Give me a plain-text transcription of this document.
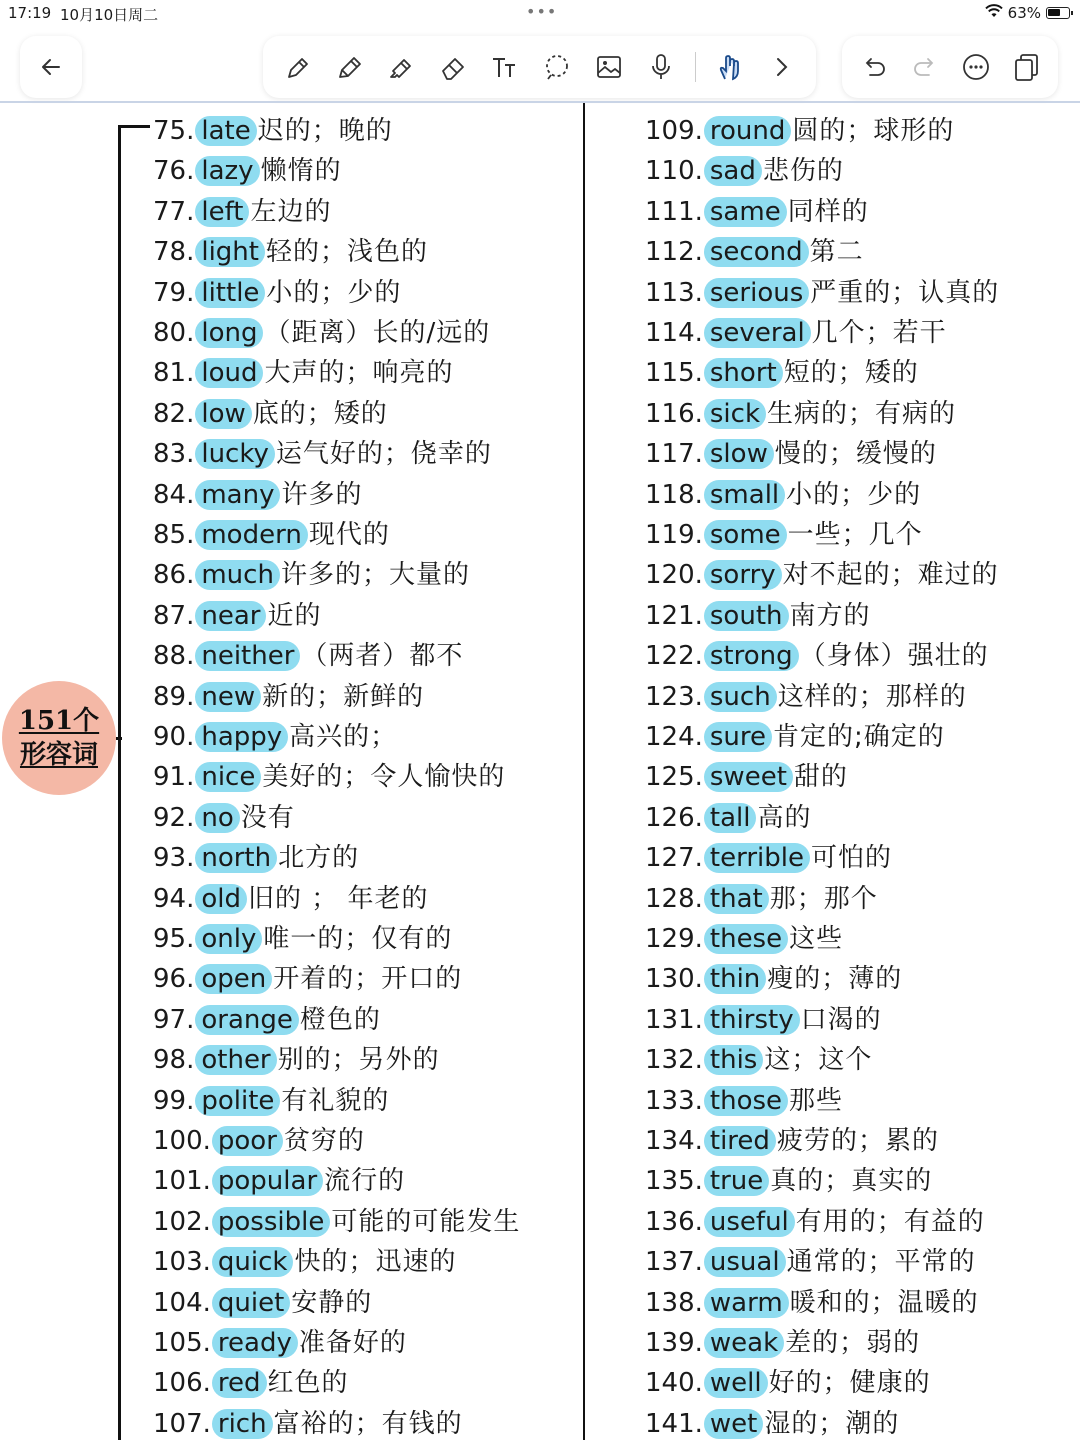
17:19 10月10日周二	•••	63%
151个
形容词
75. late 迟的；晚的
76. lazy 懒惰的
77. left 左边的
78. light 轻的；浅色的
79. little 小的；少的
80. long （距离）长的/远的
81. loud 大声的；响亮的
82. low 底的；矮的
83. lucky 运气好的；侥幸的
84. many 许多的
85. modern 现代的
86. much 许多的；大量的
87. near 近的
88. neither （两者）都不
89. new 新的；新鲜的
90. happy 高兴的；
91. nice 美好的；令人愉快的
92. no 没有
93. north 北方的
94. old 旧的 ； 年老的
95. only 唯一的；仅有的
96. open 开着的；开口的
97. orange 橙色的
98. other 别的；另外的
99. polite 有礼貌的
100. poor 贫穷的
101. popular 流行的
102. possible 可能的可能发生
103. quick 快的；迅速的
104. quiet 安静的
105. ready 准备好的
106. red 红色的
107. rich 富裕的；有钱的
109. round 圆的；球形的
110. sad 悲伤的
111. same 同样的
112. second 第二
113. serious 严重的；认真的
114. several 几个；若干
115. short 短的；矮的
116. sick 生病的；有病的
117. slow 慢的；缓慢的
118. small 小的；少的
119. some 一些；几个
120. sorry 对不起的；难过的
121. south 南方的
122. strong （身体）强壮的
123. such 这样的；那样的
124. sure 肯定的;确定的
125. sweet 甜的
126. tall 高的
127. terrible 可怕的
128. that 那；那个
129. these 这些
130. thin 瘦的；薄的
131. thirsty 口渴的
132. this 这；这个
133. those 那些
134. tired 疲劳的；累的
135. true 真的；真实的
136. useful 有用的；有益的
137. usual 通常的；平常的
138. warm 暖和的；温暖的
139. weak 差的；弱的
140. well 好的；健康的
141. wet 湿的；潮的
